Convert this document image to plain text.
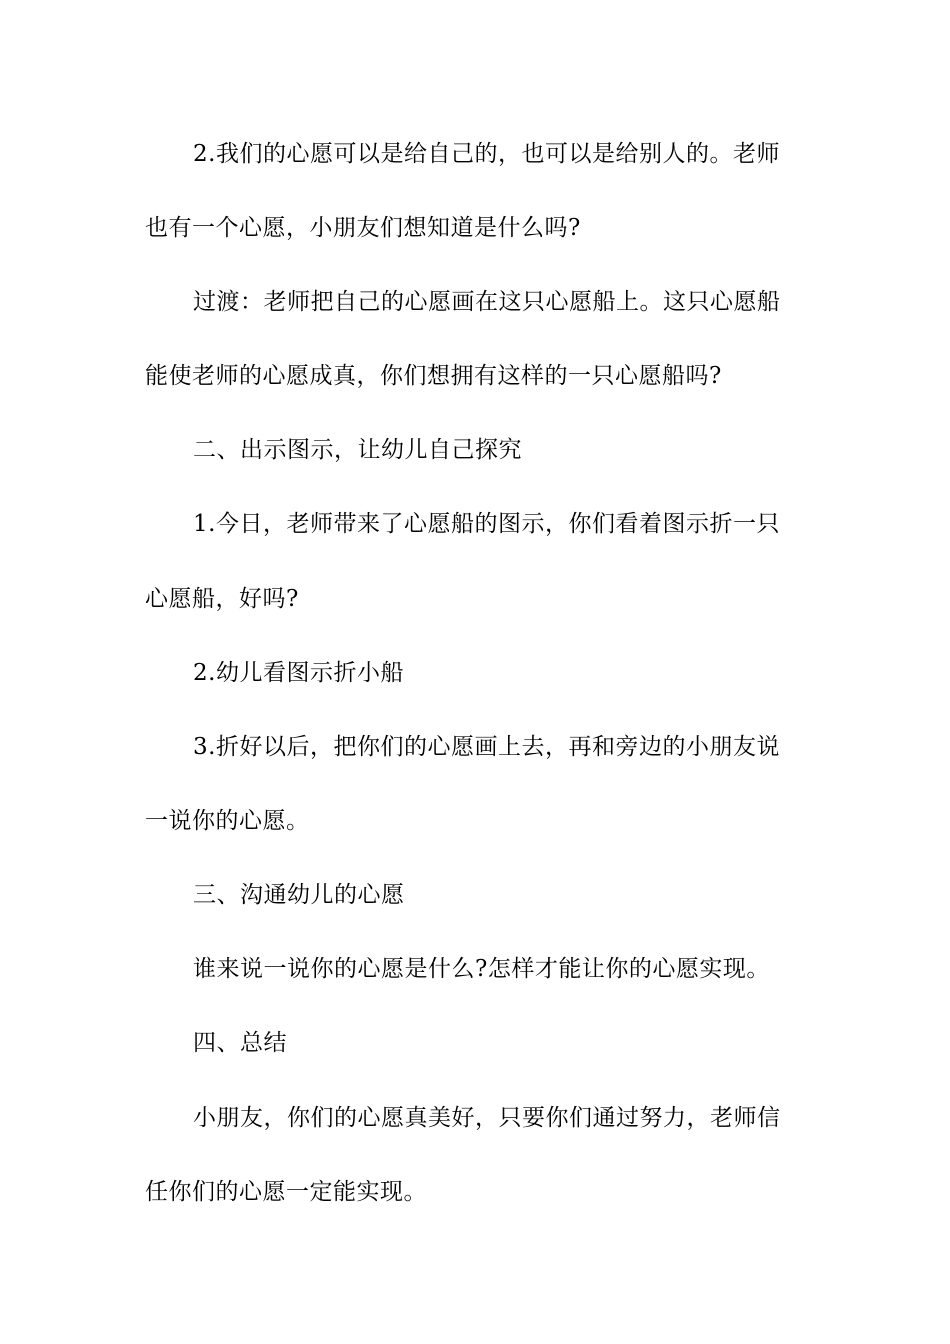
2.我们的心愿可以是给自己的，也可以是给别人的。老师
也有一个心愿，小朋友们想知道是什么吗?
过渡：老师把自己的心愿画在这只心愿船上。这只心愿船
能使老师的心愿成真，你们想拥有这样的一只心愿船吗?
二、出示图示，让幼儿自己探究
1.今日，老师带来了心愿船的图示，你们看着图示折一只
心愿船，好吗?
2.幼儿看图示折小船
3.折好以后，把你们的心愿画上去，再和旁边的小朋友说
一说你的心愿。
三、沟通幼儿的心愿
谁来说一说你的心愿是什么?怎样才能让你的心愿实现。
四、总结
小朋友，你们的心愿真美好，只要你们通过努力，老师信
任你们的心愿一定能实现。
